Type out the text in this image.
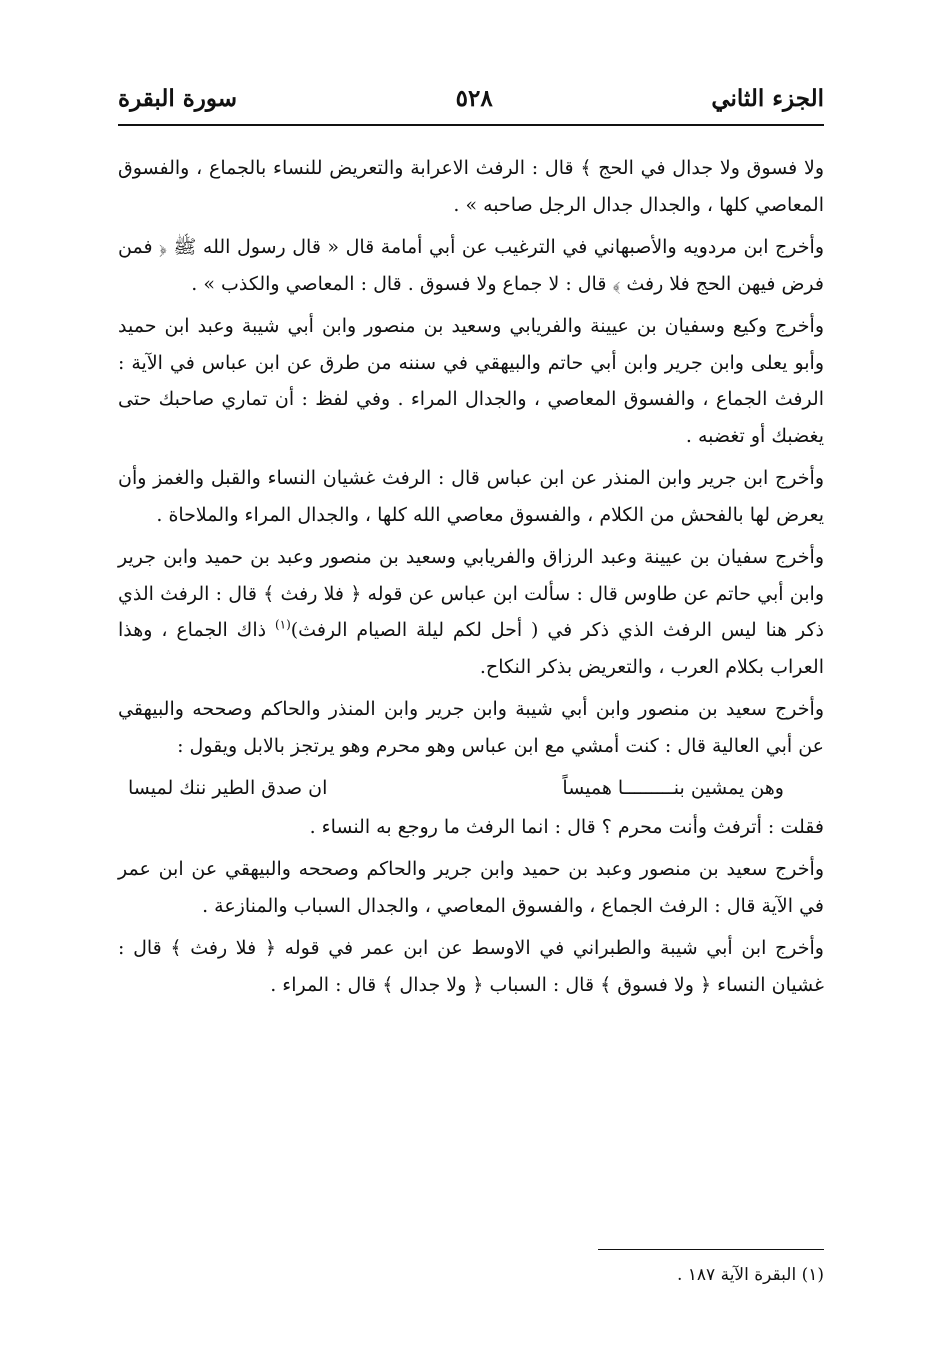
الجزء الثاني
٥٢٨
سورة البقرة

ولا فسوق ولا جدال في الحج ﴾ قال : الرفث الاعرابة والتعريض للنساء بالجماع ، والفسوق المعاصي كلها ، والجدال جدال الرجل صاحبه » .

وأخرج ابن مردويه والأصبهاني في الترغيب عن أبي أمامة قال « قال رسول الله ﷺ ﴿ فمن فرض فيهن الحج فلا رفث ﴾ قال : لا جماع ولا فسوق . قال : المعاصي والكذب » .

وأخرج وكيع وسفيان بن عيينة والفريابي وسعيد بن منصور وابن أبي شيبة وعبد ابن حميد وأبو يعلى وابن جرير وابن أبي حاتم والبيهقي في سننه من طرق عن ابن عباس في الآية : الرفث الجماع ، والفسوق المعاصي ، والجدال المراء . وفي لفظ : أن تماري صاحبك حتى يغضبك أو تغضبه .

وأخرج ابن جرير وابن المنذر عن ابن عباس قال : الرفث غشيان النساء والقبل والغمز وأن يعرض لها بالفحش من الكلام ، والفسوق معاصي الله كلها ، والجدال المراء والملاحاة .

وأخرج سفيان بن عيينة وعبد الرزاق والفريابي وسعيد بن منصور وعبد بن حميد وابن جرير وابن أبي حاتم عن طاوس قال : سألت ابن عباس عن قوله ﴿ فلا رفث ﴾ قال : الرفث الذي ذكر هنا ليس الرفث الذي ذكر في ( أحل لكم ليلة الصيام الرفث)$^{(١)}$ ذاك الجماع ، وهذا العراب بكلام العرب ، والتعريض بذكر النكاح.

وأخرج سعيد بن منصور وابن أبي شيبة وابن جرير وابن المنذر والحاكم وصححه والبيهقي عن أبي العالية قال : كنت أمشي مع ابن عباس وهو محرم وهو يرتجز بالابل ويقول :

وهن يمشين بنـــــــــا هميساً
ان صدق الطير ننك لميسا

فقلت : أترفث وأنت محرم ؟ قال : انما الرفث ما روجع به النساء .

وأخرج سعيد بن منصور وعبد بن حميد وابن جرير والحاكم وصححه والبيهقي عن ابن عمر في الآية قال : الرفث الجماع ، والفسوق المعاصي ، والجدال السباب والمنازعة .

وأخرج ابن أبي شيبة والطبراني في الاوسط عن ابن عمر في قوله ﴿ فلا رفث ﴾ قال : غشيان النساء ﴿ ولا فسوق ﴾ قال : السباب ﴿ ولا جدال ﴾ قال : المراء .

(١) البقرة الآية ١٨٧ .
